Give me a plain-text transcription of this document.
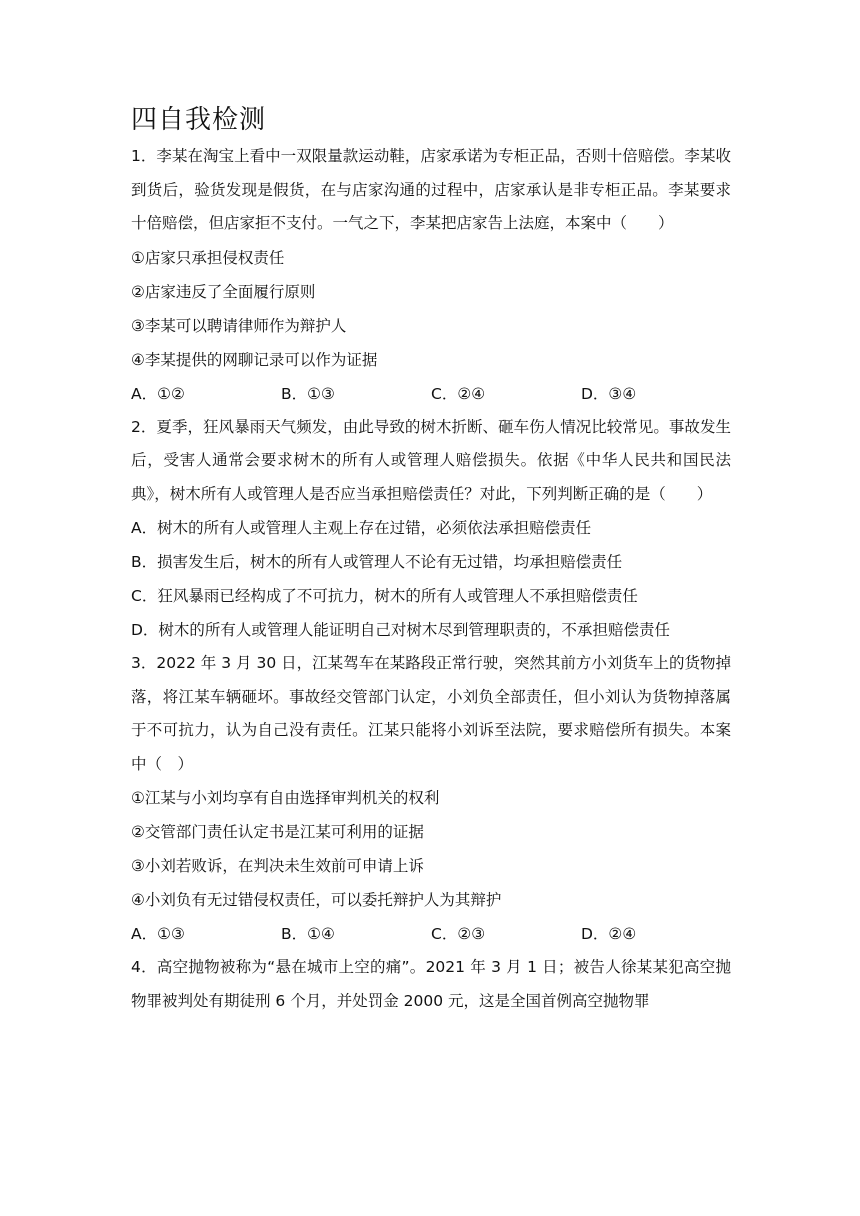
四自我检测

1．李某在淘宝上看中一双限量款运动鞋，店家承诺为专柜正品，否则十倍赔偿。李某收到货后，验货发现是假货，在与店家沟通的过程中，店家承认是非专柜正品。李某要求十倍赔偿，但店家拒不支付。一气之下，李某把店家告上法庭，本案中（　　）

①店家只承担侵权责任

②店家违反了全面履行原则

③李某可以聘请律师作为辩护人

④李某提供的网聊记录可以作为证据

A．①②	B．①③	C．②④	D．③④

2．夏季，狂风暴雨天气频发，由此导致的树木折断、砸车伤人情况比较常见。事故发生后，受害人通常会要求树木的所有人或管理人赔偿损失。依据《中华人民共和国民法典》，树木所有人或管理人是否应当承担赔偿责任？对此，下列判断正确的是（　　）

A．树木的所有人或管理人主观上存在过错，必须依法承担赔偿责任

B．损害发生后，树木的所有人或管理人不论有无过错，均承担赔偿责任

C．狂风暴雨已经构成了不可抗力，树木的所有人或管理人不承担赔偿责任

D．树木的所有人或管理人能证明自己对树木尽到管理职责的，不承担赔偿责任

3．2022 年 3 月 30 日，江某驾车在某路段正常行驶，突然其前方小刘货车上的货物掉落，将江某车辆砸坏。事故经交管部门认定，小刘负全部责任，但小刘认为货物掉落属于不可抗力，认为自己没有责任。江某只能将小刘诉至法院，要求赔偿所有损失。本案中（　）

①江某与小刘均享有自由选择审判机关的权利

②交管部门责任认定书是江某可利用的证据

③小刘若败诉，在判决未生效前可申请上诉

④小刘负有无过错侵权责任，可以委托辩护人为其辩护

A．①③	B．①④	C．②③	D．②④

4．高空抛物被称为“悬在城市上空的痛”。2021 年 3 月 1 日；被告人徐某某犯高空抛物罪被判处有期徒刑 6 个月，并处罚金 2000 元，这是全国首例高空抛物罪
